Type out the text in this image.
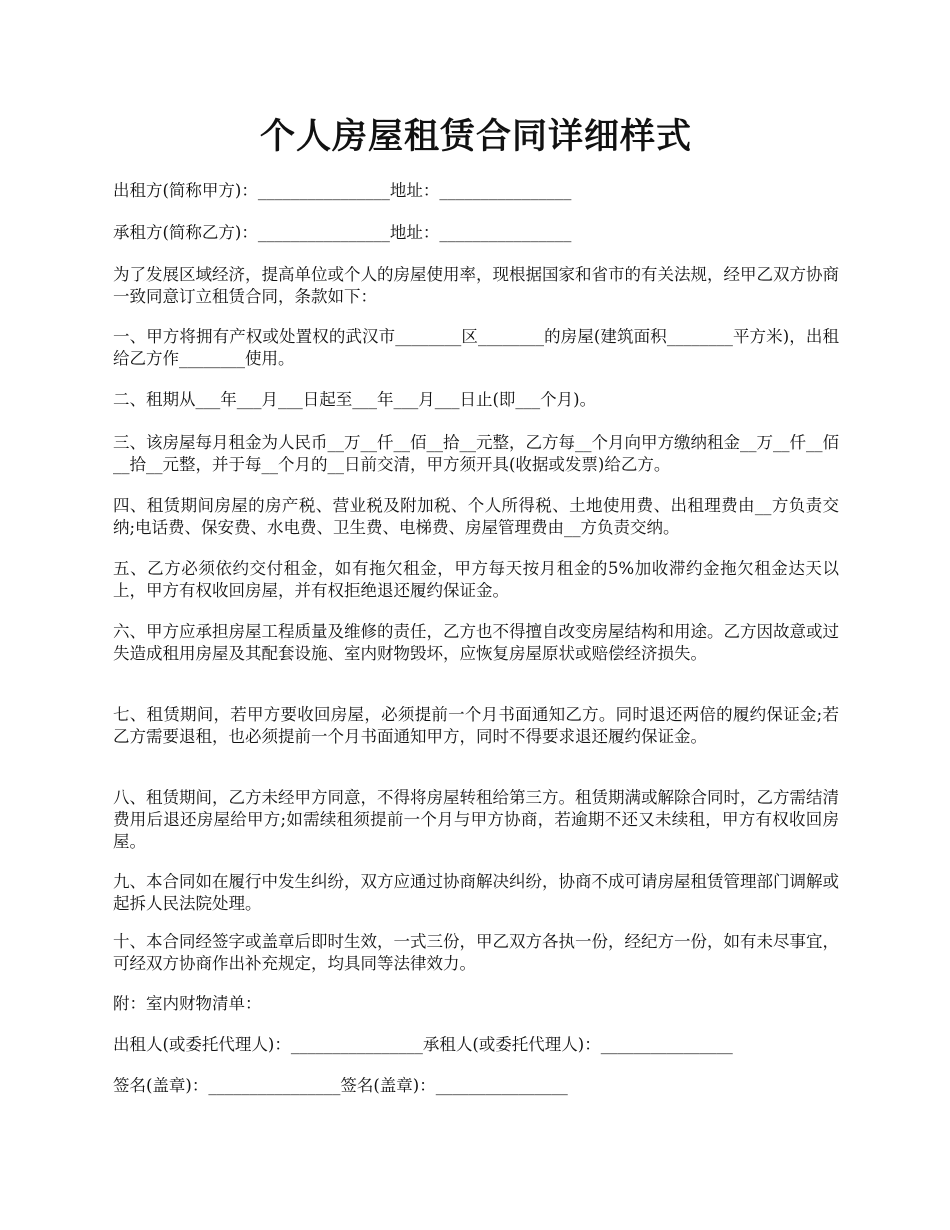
个人房屋租赁合同详细样式

出租方(简称甲方)：________________地址：________________

承租方(简称乙方)：________________地址：________________

为了发展区域经济，提高单位或个人的房屋使用率，现根据国家和省市的有关法规，经甲乙双方协商一致同意订立租赁合同，条款如下：

一、甲方将拥有产权或处置权的武汉市________区________的房屋(建筑面积________平方米)，出租给乙方作________使用。

二、租期从___年___月___日起至___年___月___日止(即___个月)。

三、该房屋每月租金为人民币__万__仟__佰__拾__元整，乙方每__个月向甲方缴纳租金__万__仟__佰__拾__元整，并于每__个月的__日前交清，甲方须开具(收据或发票)给乙方。

四、租赁期间房屋的房产税、营业税及附加税、个人所得税、土地使用费、出租理费由__方负责交纳;电话费、保安费、水电费、卫生费、电梯费、房屋管理费由__方负责交纳。

五、乙方必须依约交付租金，如有拖欠租金，甲方每天按月租金的5%加收滞约金拖欠租金达天以上，甲方有权收回房屋，并有权拒绝退还履约保证金。

六、甲方应承担房屋工程质量及维修的责任，乙方也不得擅自改变房屋结构和用途。乙方因故意或过失造成租用房屋及其配套设施、室内财物毁坏，应恢复房屋原状或赔偿经济损失。

七、租赁期间，若甲方要收回房屋，必须提前一个月书面通知乙方。同时退还两倍的履约保证金;若乙方需要退租，也必须提前一个月书面通知甲方，同时不得要求退还履约保证金。

八、租赁期间，乙方未经甲方同意，不得将房屋转租给第三方。租赁期满或解除合同时，乙方需结清费用后退还房屋给甲方;如需续租须提前一个月与甲方协商，若逾期不还又未续租，甲方有权收回房屋。

九、本合同如在履行中发生纠纷，双方应通过协商解决纠纷，协商不成可请房屋租赁管理部门调解或起拆人民法院处理。

十、本合同经签字或盖章后即时生效，一式三份，甲乙双方各执一份，经纪方一份，如有未尽事宜，可经双方协商作出补充规定，均具同等法律效力。

附：室内财物清单：

出租人(或委托代理人)：________________承租人(或委托代理人)：________________

签名(盖章)：________________签名(盖章)：________________
